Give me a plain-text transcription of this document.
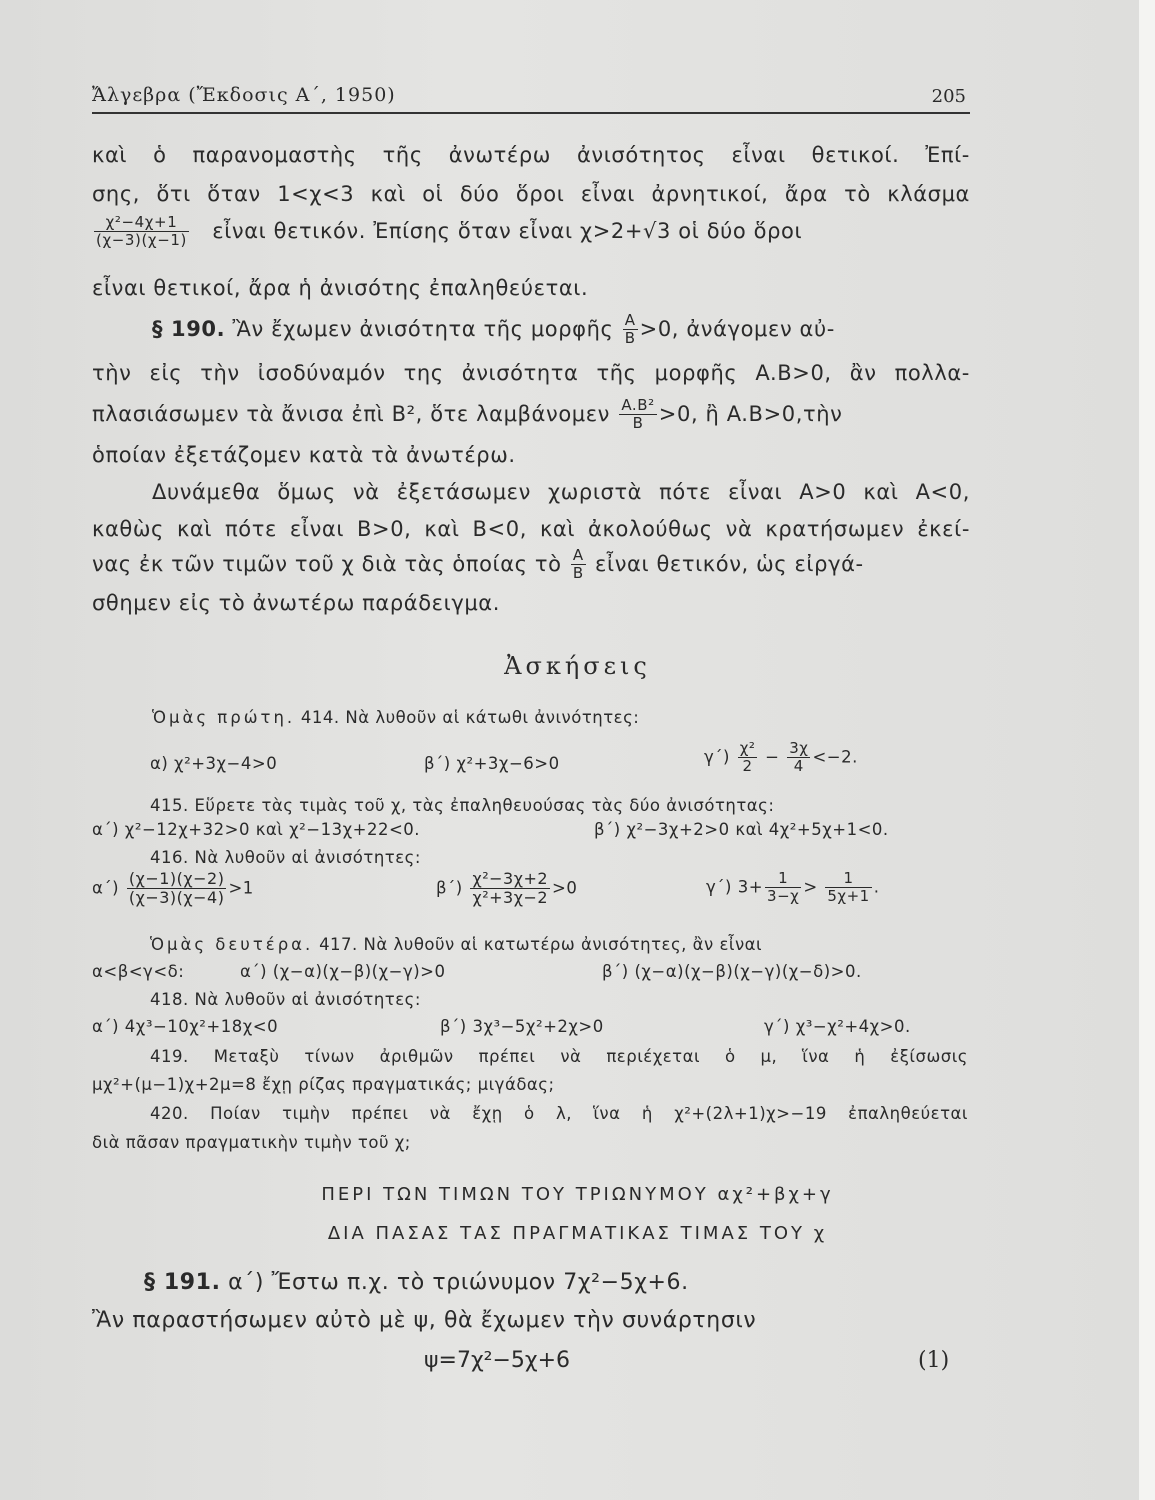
Ἄλγεβρα (Ἔκδοσις Α΄, 1950)	205
καὶ ὁ παρανομαστὴς τῆς ἀνωτέρω ἀνισότητος εἶναι θετικοί. Ἐπί-
σης, ὅτι ὅταν 1<χ<3 καὶ οἱ δύο ὅροι εἶναι ἀρνητικοί, ἄρα τὸ κλάσμα
$\frac{\text{χ²−4χ+1}}{(\chi-3)(\chi-1)}$ εἶναι θετικόν. Ἐπίσης ὅταν εἶναι χ>2+√3 οἱ δύο ὅροι
εἶναι θετικοί, ἄρα ἡ ἀνισότης ἐπαληθεύεται.
§ 190. Ἂν ἔχωμεν ἀνισότητα τῆς μορφῆς $\frac{A}{B} >0$, ἀνάγομεν αὐ-
τὴν εἰς τὴν ἰσοδύναμόν της ἀνισότητα τῆς μορφῆς A.B>0, ἂν πολλα-
πλασιάσωμεν τὰ ἄνισα ἐπὶ B², ὅτε λαμβάνομεν $\frac{\text{A.B²}}{B} >0$, ἢ A.B>0,τὴν
ὁποίαν ἐξετάζομεν κατὰ τὰ ἀνωτέρω.
Δυνάμεθα ὅμως νὰ ἐξετάσωμεν χωριστὰ πότε εἶναι A>0 καὶ A<0,
καθὼς καὶ πότε εἶναι B>0, καὶ B<0, καὶ ἀκολούθως νὰ κρατήσωμεν ἐκεί-
νας ἐκ τῶν τιμῶν τοῦ χ διὰ τὰς ὁποίας τὸ $\frac{A}{B}$ εἶναι θετικόν, ὡς εἰργά-
σθημεν εἰς τὸ ἀνωτέρω παράδειγμα.
Ἀσκήσεις
Ὁμὰς πρώτη. 414. Νὰ λυθοῦν αἱ κάτωθι ἀνινότητες:
α) χ²+3χ−4>0	β΄) χ²+3χ−6>0	$\gamma΄) \frac{\text{χ²}}{2} - \frac{3\chi}{4} <-2$.
415. Εὕρετε τὰς τιμὰς τοῦ χ, τὰς ἐπαληθευούσας τὰς δύο ἀνισότητας:
α΄) χ²−12χ+32>0 καὶ χ²−13χ+22<0.	β΄) χ²−3χ+2>0 καὶ 4χ²+5χ+1<0.
416. Νὰ λυθοῦν αἱ ἀνισότητες:
$\alpha΄) \frac{(\chi-1)(\chi-2)}{(\chi-3)(\chi-4)} >1$	$\beta΄) \frac{\text{χ²−3χ+2}}{\text{χ²+3χ−2}} >0$	γ΄) $3+ \frac{1}{3-\chi} > \frac{1}{5\chi+1}$ .
Ὁμὰς δευτέρα. 417. Νὰ λυθοῦν αἱ κατωτέρω ἀνισότητες, ἂν εἶναι
α<β<γ<δ:	α΄) (χ−α)(χ−β)(χ−γ)>0	β΄) (χ−α)(χ−β)(χ−γ)(χ−δ)>0.
418. Νὰ λυθοῦν αἱ ἀνισότητες:
α΄) 4χ³−10χ²+18χ<0	β΄) 3χ³−5χ²+2χ>0	γ΄) χ³−χ²+4χ>0.
419. Μεταξὺ τίνων ἀριθμῶν πρέπει νὰ περιέχεται ὁ μ, ἵνα ἡ ἐξίσωσις
μχ²+(μ−1)χ+2μ=8 ἔχῃ ρίζας πραγματικάς; μιγάδας;
420. Ποίαν τιμὴν πρέπει νὰ ἔχῃ ὁ λ, ἵνα ἡ χ²+(2λ+1)χ>−19 ἐπαληθεύεται
διὰ πᾶσαν πραγματικὴν τιμὴν τοῦ χ;
ΠΕΡΙ ΤΩΝ ΤΙΜΩΝ ΤΟΥ ΤΡΙΩΝΥΜΟΥ αχ²+βχ+γ
ΔΙΑ ΠΑΣΑΣ ΤΑΣ ΠΡΑΓΜΑΤΙΚΑΣ ΤΙΜΑΣ ΤΟΥ χ
§ 191. α΄) Ἔστω π.χ. τὸ τριώνυμον 7χ²−5χ+6.
Ἂν παραστήσωμεν αὐτὸ μὲ ψ, θὰ ἔχωμεν τὴν συνάρτησιν
ψ=7χ²−5χ+6	(1)
